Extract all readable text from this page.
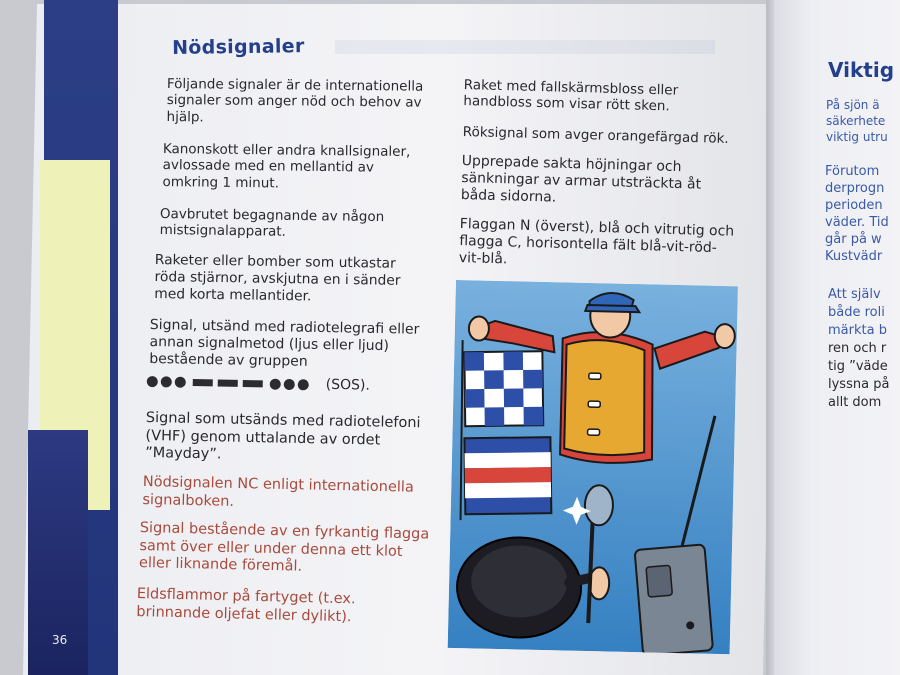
36
Nödsignaler

Följande signaler är de internationella signaler som anger nöd och behov av hjälp.

Kanonskott eller andra knallsignaler, avlossade med en mellantid av omkring 1 minut.

Oavbrutet begagnande av någon mistsignalapparat.

Raketer eller bomber som utkastar röda stjärnor, avskjutna en i sänder med korta mellantider.

Signal, utsänd med radiotelegrafi eller annan signalmetod (ljus eller ljud) bestående av gruppen

(SOS).

Signal som utsänds med radiotelefoni (VHF) genom uttalande av ordet ”Mayday”.

Nödsignalen NC enligt internationella signalboken.

Signal bestående av en fyrkantig flagga samt över eller under denna ett klot eller liknande föremål.

Eldsflammor på fartyget (t.ex. brinnande oljefat eller dylikt).

Raket med fallskärmsbloss eller handbloss som visar rött sken.

Röksignal som avger orangefärgad rök.

Upprepade sakta höjningar och sänkningar av armar utsträckta åt båda sidorna.

Flaggan N (överst), blå och vitrutig och flagga C, horisontella fält blå-vit-röd-vit-blå.

Viktig

På sjön ä

säkerhete

viktig utru

Förutom

derprogn

perioden

väder. Tid

går på w

Kustvädr

Att själv

både roli

märkta b

ren och r

tig ”väde

lyssna på

allt dom
